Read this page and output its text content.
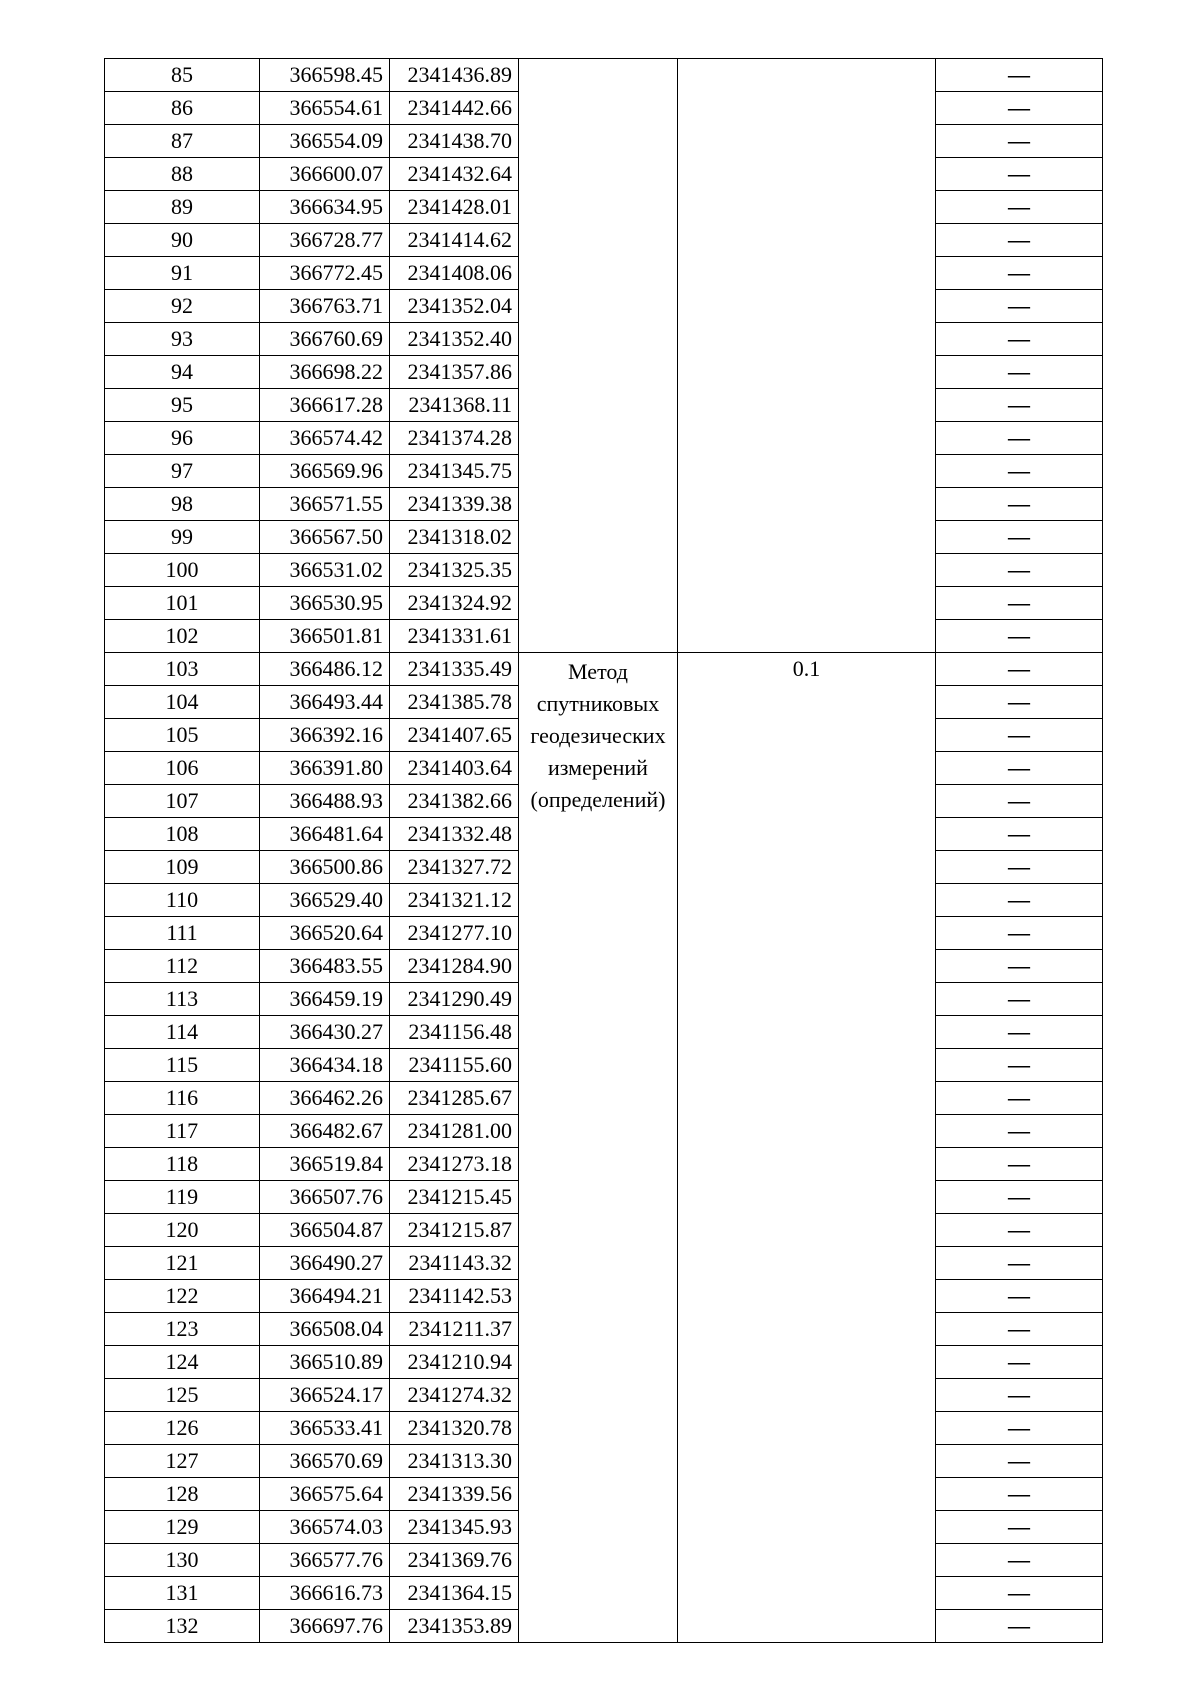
85	366598.45	2341436.89			—
86	366554.61	2341442.66			—
87	366554.09	2341438.70			—
88	366600.07	2341432.64			—
89	366634.95	2341428.01			—
90	366728.77	2341414.62			—
91	366772.45	2341408.06			—
92	366763.71	2341352.04			—
93	366760.69	2341352.40			—
94	366698.22	2341357.86			—
95	366617.28	2341368.11			—
96	366574.42	2341374.28			—
97	366569.96	2341345.75			—
98	366571.55	2341339.38			—
99	366567.50	2341318.02			—
100	366531.02	2341325.35			—
101	366530.95	2341324.92			—
102	366501.81	2341331.61			—
103	366486.12	2341335.49	Метод
спутниковых
геодезических
измерений
(определений)	0.1	—
104	366493.44	2341385.78			—
105	366392.16	2341407.65			—
106	366391.80	2341403.64			—
107	366488.93	2341382.66			—
108	366481.64	2341332.48			—
109	366500.86	2341327.72			—
110	366529.40	2341321.12			—
111	366520.64	2341277.10			—
112	366483.55	2341284.90			—
113	366459.19	2341290.49			—
114	366430.27	2341156.48			—
115	366434.18	2341155.60			—
116	366462.26	2341285.67			—
117	366482.67	2341281.00			—
118	366519.84	2341273.18			—
119	366507.76	2341215.45			—
120	366504.87	2341215.87			—
121	366490.27	2341143.32			—
122	366494.21	2341142.53			—
123	366508.04	2341211.37			—
124	366510.89	2341210.94			—
125	366524.17	2341274.32			—
126	366533.41	2341320.78			—
127	366570.69	2341313.30			—
128	366575.64	2341339.56			—
129	366574.03	2341345.93			—
130	366577.76	2341369.76			—
131	366616.73	2341364.15			—
132	366697.76	2341353.89			—
